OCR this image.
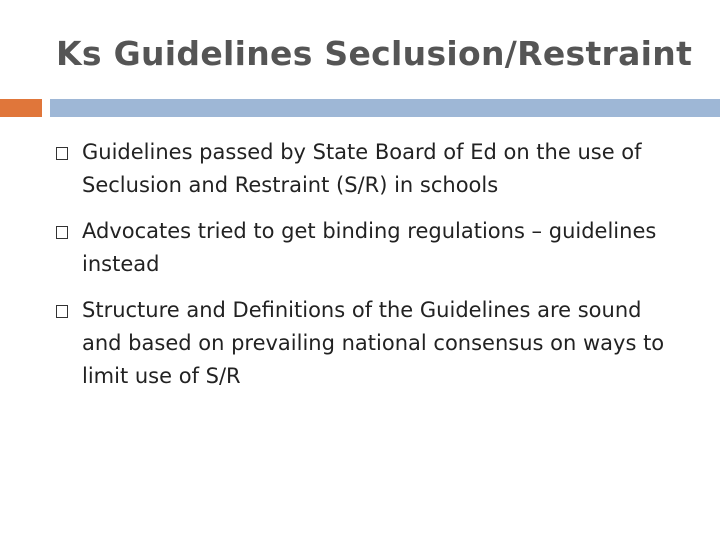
Ks Guidelines Seclusion/Restraint
Guidelines passed by State Board of Ed on the use of Seclusion and Restraint (S/R) in schools
Advocates tried to get binding regulations – guidelines instead
Structure and Definitions of the Guidelines are sound and based on prevailing national consensus on ways to limit use of S/R
